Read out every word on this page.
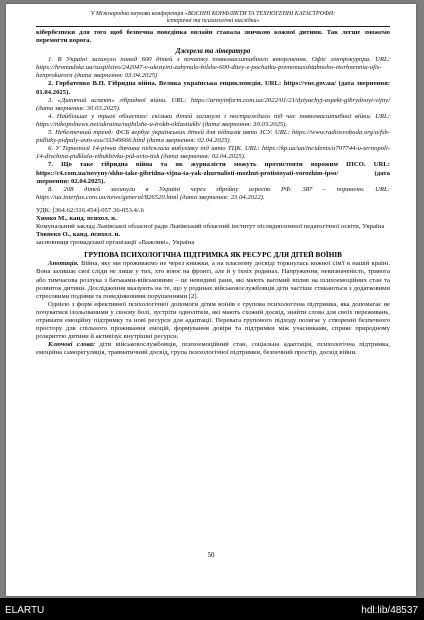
V Міжнародна наукова конференція «ВОЄННІ КОНФЛІКТИ ТА ТЕХНОГЕННІ КАТАСТРОФИ:
історичні та психологічні наслідки»

кібербезпеки для того щоб безпечна поведінка онлайн ставала звичкою кожної дитини. Так легше зможемо перемогти ворога.

Джерела та література

1. В Україні загинуло понад 600 дітей з початку повномасштабного вторгнення. Офіс генпрокурора. URL: https://hromadske.ua/suspilstvo/242047-v-ukrayini-zahynulo-bilshe-600-ditey-z-pochatku-povnomasshtabnoho-vtorhnennia-ofis-henprokurora (дата звернення: 03.04.2025)

2. Горбатенко В.П. Гібридна війна. Велика українська енциклопедія. URL: https://vue.gov.ua/ (дата звернення: 01.04.2025).

3. «Дитячий аспект» гібридної війни. URL: https://armyinform.com.ua/2022/01/21/dytyachyj-aspekt-gibrydnoyi-vijny/ (дата звернення: 30.03.2025).

4. Найбільше у трьох областях: скільки дітей загинуло і постраждало під час повномасштабної війни. URL: https://nikopolnews.net/ukraina/najbilshe-u-trokh-oblastiakh/ (дата звернення: 30.03.2025).

5. Небезпечний тренд: ФСБ вербує українських дітей для підпалів авто ЗСУ. URL: https://www.radiosvoboda.org/a/fsb-pidlitky-pidpaly-avto-zsu/33349666.html (дата звернення: 02.04.2025)

6. У Тернополі 14-річна дівчина підсклала вибухівку під авто ТЦК. URL: https://kp.ua/ua/incidents/a707744-u-ternopoli-14-divchina-pidklala-vibukhivku-pid-avto-ttsk (дата звернення: 02.04.2025).

7. Що таке гібридна війна та як журналісти можуть протистояти ворожим ІПСО. URL: https://c4.com.ua/novyny/shho-take-gibridna-vijna-ta-yak-zhurnalisti-mozhut-protistoyati-vorozhim-ipso/ (дата звернення: 02.04.2025).

8. 208 дітей загинули в Україні через збройну агресію РФ. 387 – поранено. URL: https://ua.interfax.com.ua/news/general/826520.html (дата звернення: 23.04.2022).

УДК: [364.62:316.454]-057.36-053.4/.6

Химко М., канд. психол. н.

Комунальний заклад Львівської обласної ради Львівський обласний інститут післядипломної педагогічної освіти, Україна

Товпеко О., канд. психол. н.

засновниця громадської організації «Важливі», Україна

ГРУПОВА ПСИХОЛОГІЧНА ПІДТРИМКА ЯК РЕСУРС ДЛЯ ДІТЕЙ ВОЇНІВ

Анотація. Війна, яку ми проживаємо не через книжки, а на власному досвіді торкнулась кожної сім'ї в нашій країні. Вона залишає свої сліди не лише у тих, хто воює на фронті, але й у їхніх родинах. Напруження, невизначеність, тривога або тимчасова розлука з батьками-військовими – це невидимі рани, які мають вагомий вплив на психоемоційних стан та розвиток дитини. Дослідження вказують на те, що у родинах військовослужбовців діти частіше стикаються з додатковими стресовими подіями та поведінковими порушеннями [2].

Однією з форм ефективної психологічної допомоги дітям воїнів є групова психологічна підтримка, яка допомагає не почуватися ізольованими у своєму болі, зустріти однолітків, які мають схожий досвід, знайти слова для своїх переживань, отримати емоційну підтримку та нові ресурси для адаптації. Перевага групового підходу полягає у створенні безпечного простору для спільного проживання емоцій, формування довіри та підтримки між учасниками, сприяє природному розкриттю дитини й активізує внутрішні ресурси.

Ключові слова: діти військовослужбовців, психоемоційний стан, соціальна адаптація, психологічна підтримка, емоційна саморегуляція, травматичний досвід, група психологічної підтримки, безпечний простір, досвід війни.

50
ELARTU	hdl:lib/48537
